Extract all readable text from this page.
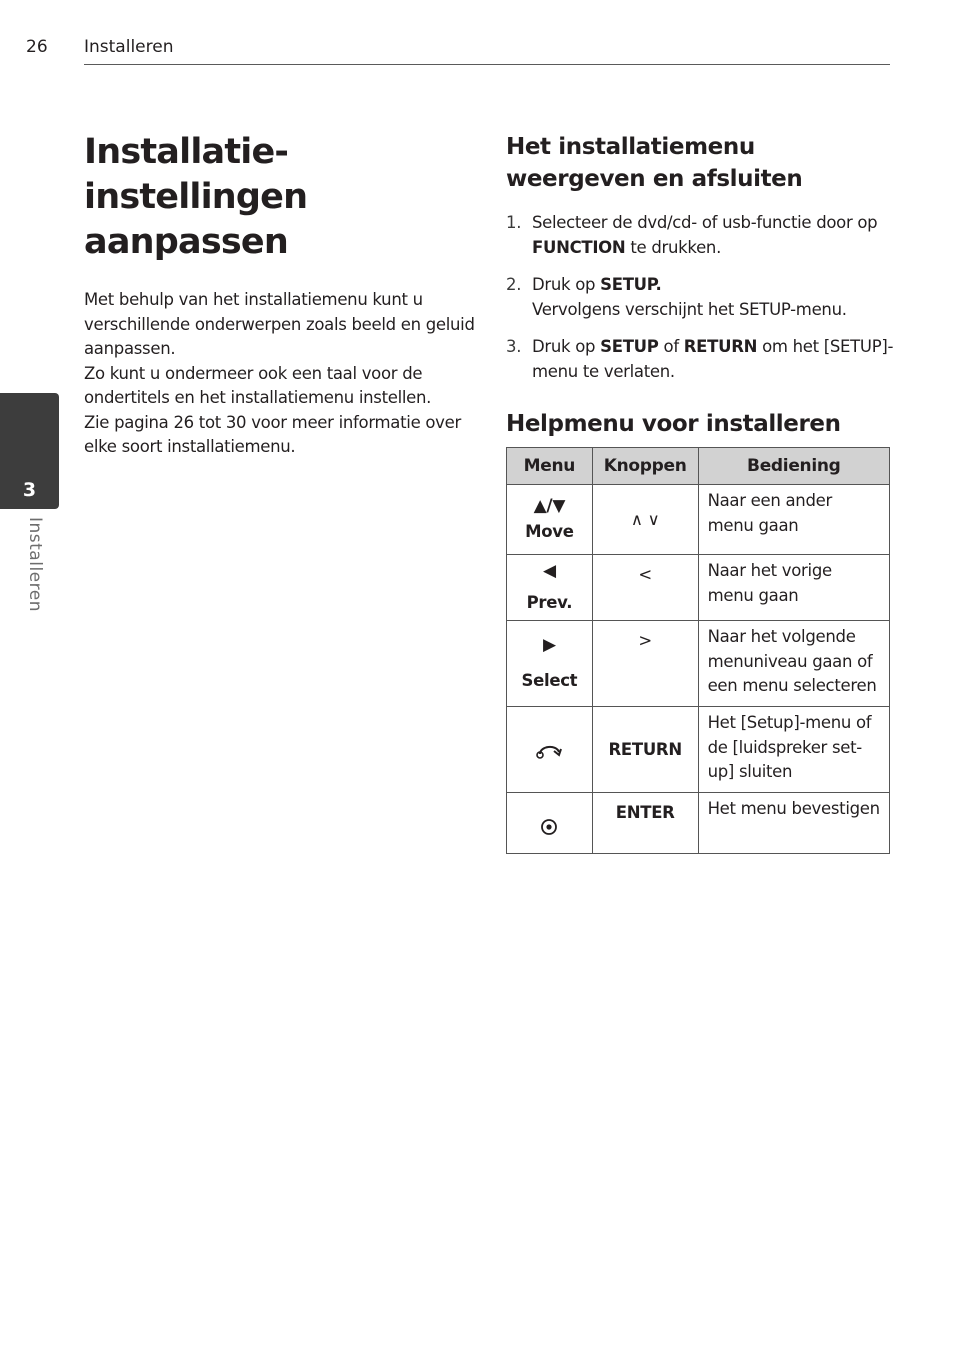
26 Installeren
3
Installeren
Installatie-instellingen aanpassen

Met behulp van het installatiemenu kunt u verschillende onderwerpen zoals beeld en geluid aanpassen.

Zo kunt u ondermeer ook een taal voor de ondertitels en het installatiemenu instellen.

Zie pagina 26 tot 30 voor meer informatie over elke soort installatiemenu.

Het installatiemenu weergeven en afsluiten
1. Selecteer de dvd/cd- of usb-functie door op FUNCTION te drukken.
2. Druk op SETUP.
Vervolgens verschijnt het SETUP-menu.
3. Druk op SETUP of RETURN om het [SETUP]-menu te verlaten.
Helpmenu voor installeren
Menu	Knoppen	Bediening

▲/▼
Move	∧ ∨	Naar een ander menu gaan

◀
Prev.	<	Naar het vorige menu gaan

▶
Select	>	Naar het volgende menuniveau gaan of een menu selecteren
	RETURN	Het [Setup]-menu of de [luidspreker set-up] sluiten
	ENTER	Het menu bevestigen
